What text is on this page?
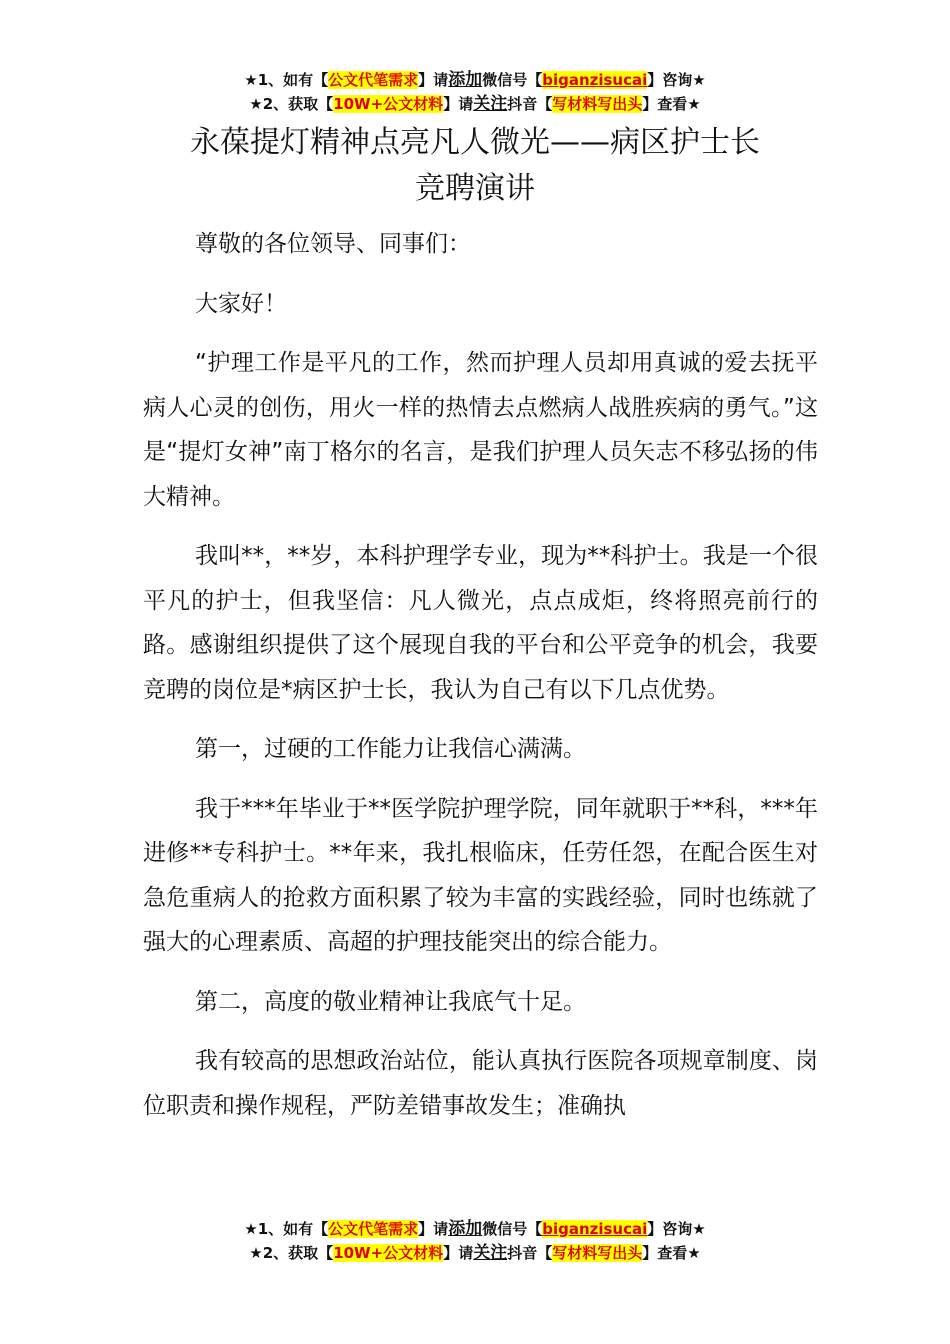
★1、如有【公文代笔需求】请添加微信号【biganzisucai】咨询★
★2、获取【10W+公文材料】请关注抖音【写材料写出头】查看★
永葆提灯精神点亮凡人微光——病区护士长
竞聘演讲

尊敬的各位领导、同事们：

大家好！

“护理工作是平凡的工作，然而护理人员却用真诚的爱去抚平病人心灵的创伤，用火一样的热情去点燃病人战胜疾病的勇气。”这是“提灯女神”南丁格尔的名言，是我们护理人员矢志不移弘扬的伟大精神。

我叫**，**岁，本科护理学专业，现为**科护士。我是一个很平凡的护士，但我坚信：凡人微光，点点成炬，终将照亮前行的路。感谢组织提供了这个展现自我的平台和公平竞争的机会，我要竞聘的岗位是*病区护士长，我认为自己有以下几点优势。

第一，过硬的工作能力让我信心满满。

我于***年毕业于**医学院护理学院，同年就职于**科，***年进修**专科护士。**年来，我扎根临床，任劳任怨，在配合医生对急危重病人的抢救方面积累了较为丰富的实践经验，同时也练就了强大的心理素质、高超的护理技能突出的综合能力。

第二，高度的敬业精神让我底气十足。

我有较高的思想政治站位，能认真执行医院各项规章制度、岗位职责和操作规程，严防差错事故发生；准确执

★1、如有【公文代笔需求】请添加微信号【biganzisucai】咨询★
★2、获取【10W+公文材料】请关注抖音【写材料写出头】查看★
